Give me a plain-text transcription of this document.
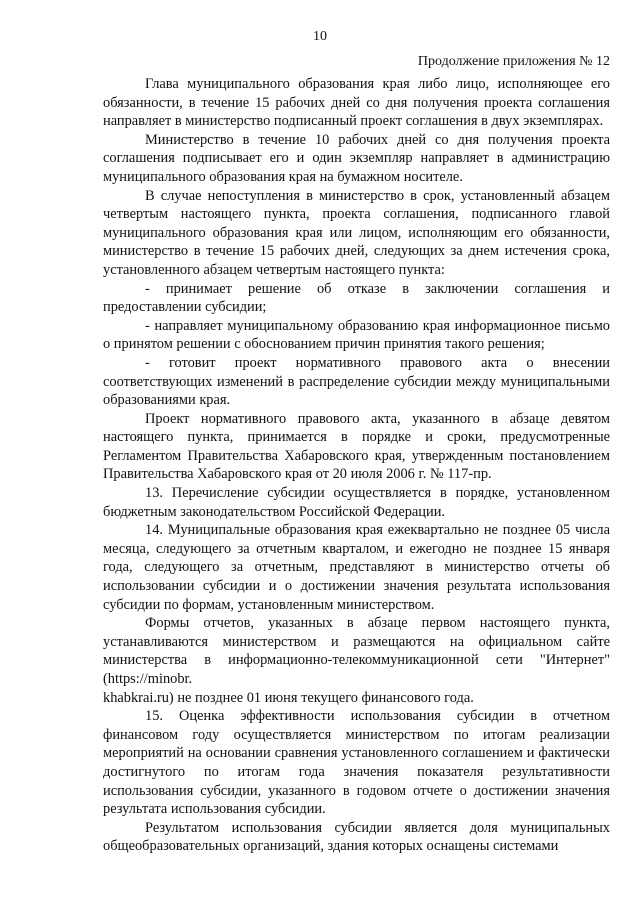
10
Продолжение приложения № 12

Глава муниципального образования края либо лицо, исполняющее его обязанности, в течение 15 рабочих дней со дня получения проекта соглашения направляет в министерство подписанный проект соглашения в двух экземплярах.

Министерство в течение 10 рабочих дней со дня получения проекта соглашения подписывает его и один экземпляр направляет в администрацию муниципального образования края на бумажном носителе.

В случае непоступления в министерство в срок, установленный абзацем четвертым настоящего пункта, проекта соглашения, подписанного главой муниципального образования края или лицом, исполняющим его обязанности, министерство в течение 15 рабочих дней, следующих за днем истечения срока, установленного абзацем четвертым настоящего пункта:

- принимает решение об отказе в заключении соглашения и предоставлении субсидии;

- направляет муниципальному образованию края информационное письмо о принятом решении с обоснованием причин принятия такого решения;

- готовит проект нормативного правового акта о внесении соответствующих изменений в распределение субсидии между муниципальными образованиями края.

Проект нормативного правового акта, указанного в абзаце девятом настоящего пункта, принимается в порядке и сроки, предусмотренные Регламентом Правительства Хабаровского края, утвержденным постановлением Правительства Хабаровского края от 20 июля 2006 г. № 117-пр.

13. Перечисление субсидии осуществляется в порядке, установленном бюджетным законодательством Российской Федерации.

14. Муниципальные образования края ежеквартально не позднее 05 числа месяца, следующего за отчетным кварталом, и ежегодно не позднее 15 января года, следующего за отчетным, представляют в министерство отчеты об использовании субсидии и о достижении значения результата использования субсидии по формам, установленным министерством.

Формы отчетов, указанных в абзаце первом настоящего пункта, устанавливаются министерством и размещаются на официальном сайте министерства в информационно-телекоммуникационной сети "Интернет" (https://minobr.

khabkrai.ru) не позднее 01 июня текущего финансового года.

15. Оценка эффективности использования субсидии в отчетном финансовом году осуществляется министерством по итогам реализации мероприятий на основании сравнения установленного соглашением и фактически достигнутого по итогам года значения показателя результативности использования субсидии, указанного в годовом отчете о достижении значения результата использования субсидии.

Результатом использования субсидии является доля муниципальных общеобразовательных организаций, здания которых оснащены системами
